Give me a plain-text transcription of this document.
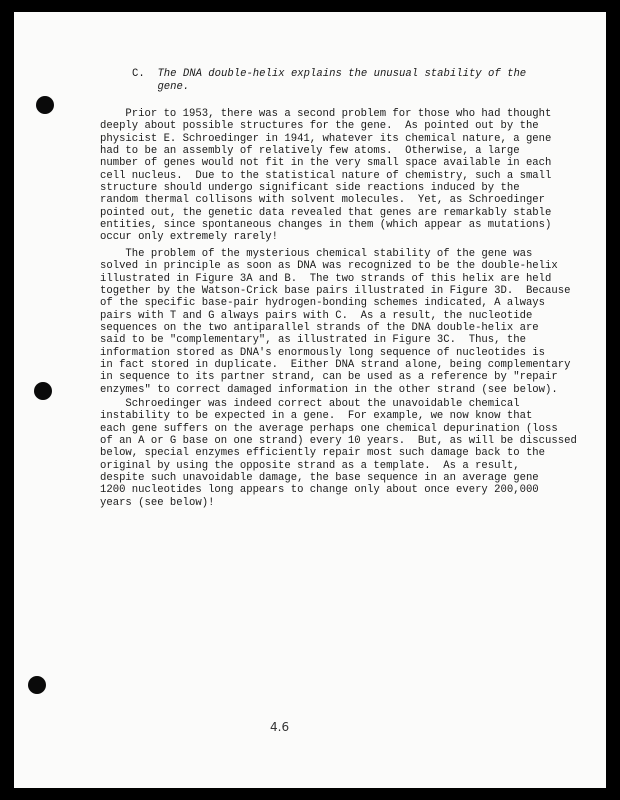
C. The DNA double-helix explains the unusual stability of the
gene.
Prior to 1953, there was a second problem for those who had thought
deeply about possible structures for the gene.  As pointed out by the
physicist E. Schroedinger in 1941, whatever its chemical nature, a gene
had to be an assembly of relatively few atoms.  Otherwise, a large
number of genes would not fit in the very small space available in each
cell nucleus.  Due to the statistical nature of chemistry, such a small
structure should undergo significant side reactions induced by the
random thermal collisons with solvent molecules.  Yet, as Schroedinger
pointed out, the genetic data revealed that genes are remarkably stable
entities, since spontaneous changes in them (which appear as mutations)
occur only extremely rarely!
The problem of the mysterious chemical stability of the gene was
solved in principle as soon as DNA was recognized to be the double-helix
illustrated in Figure 3A and B.  The two strands of this helix are held
together by the Watson-Crick base pairs illustrated in Figure 3D.  Because
of the specific base-pair hydrogen-bonding schemes indicated, A always
pairs with T and G always pairs with C.  As a result, the nucleotide
sequences on the two antiparallel strands of the DNA double-helix are
said to be "complementary", as illustrated in Figure 3C.  Thus, the
information stored as DNA's enormously long sequence of nucleotides is
in fact stored in duplicate.  Either DNA strand alone, being complementary
in sequence to its partner strand, can be used as a reference by "repair
enzymes" to correct damaged information in the other strand (see below).
Schroedinger was indeed correct about the unavoidable chemical
instability to be expected in a gene.  For example, we now know that
each gene suffers on the average perhaps one chemical depurination (loss
of an A or G base on one strand) every 10 years.  But, as will be discussed
below, special enzymes efficiently repair most such damage back to the
original by using the opposite strand as a template.  As a result,
despite such unavoidable damage, the base sequence in an average gene
1200 nucleotides long appears to change only about once every 200,000
years (see below)!
4.6
